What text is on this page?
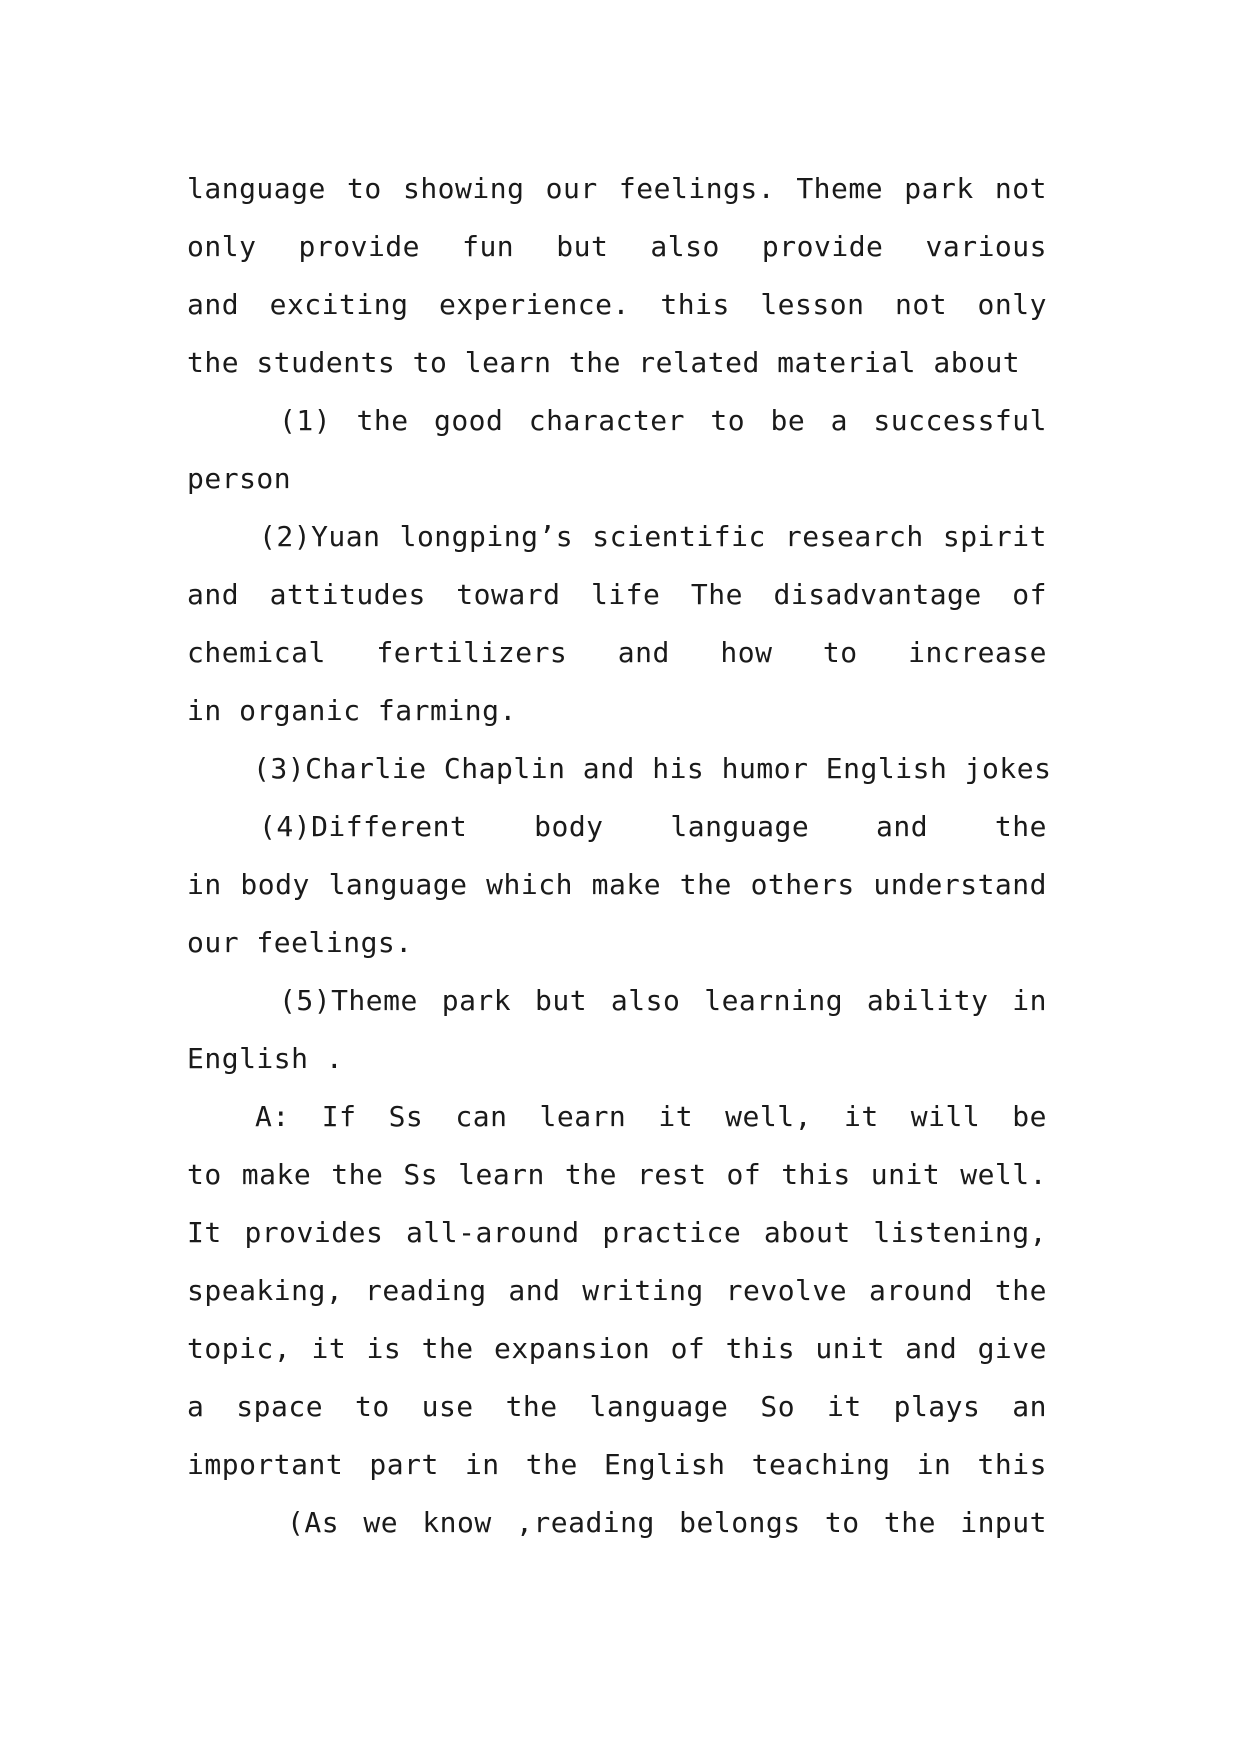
language to showing our feelings. Theme park not
only provide fun but also provide various
and exciting experience. this lesson not only
the students to learn the related material about
(1) the good character to be a successful
person
(2)Yuan longping’s scientific research spirit
and attitudes toward life The disadvantage of
chemical fertilizers and how to increase
in organic farming.
(3)Charlie Chaplin and his humor English jokes
(4)Different body language and the
in body language which make the others understand
our feelings.
(5)Theme park but also learning ability in
English .
A: If Ss can learn it well, it will be
to make the Ss learn the rest of this unit well.
It provides all-around practice about listening,
speaking, reading and writing revolve around the
topic, it is the expansion of this unit and give
a space to use the language So it plays an
important part in the English teaching in this
(As we know ,reading belongs to the input
